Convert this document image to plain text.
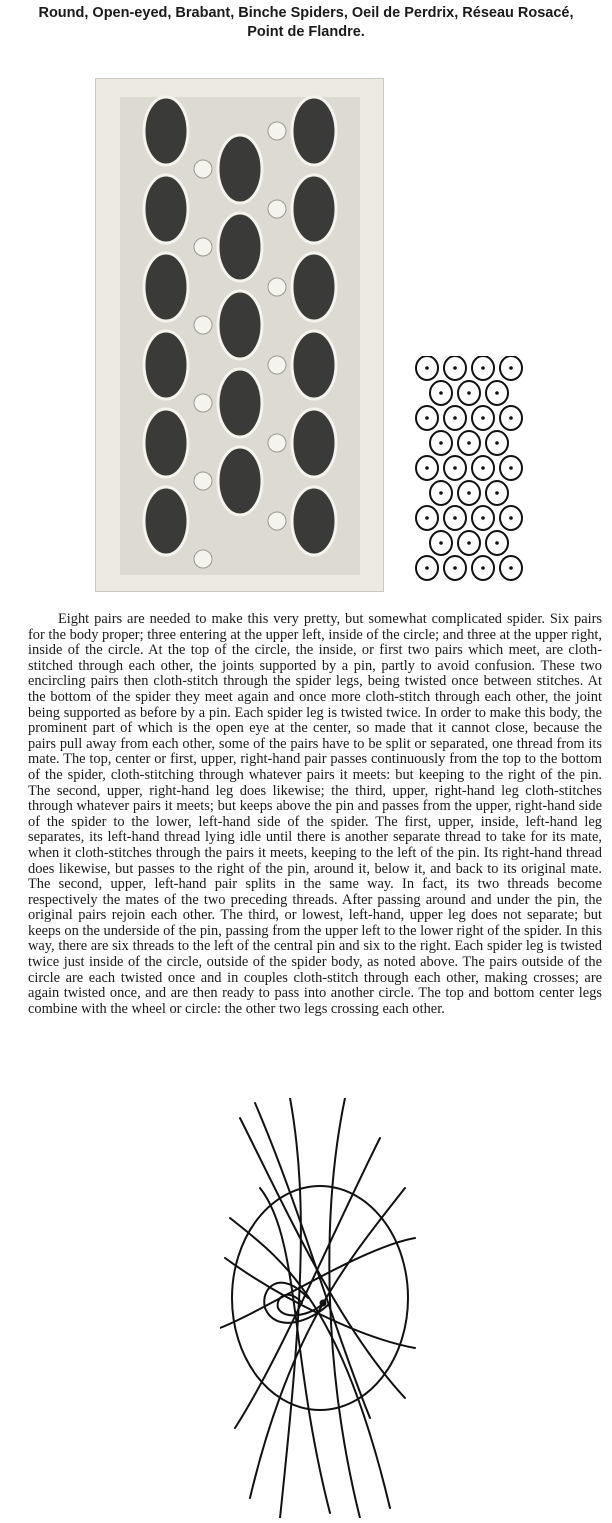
Round, Open-eyed, Brabant, Binche Spiders, Oeil de Perdrix, Réseau Rosacé,
Point de Flandre.

Eight pairs are needed to make this very pretty, but somewhat complicated spider. Six pairs for the body proper; three entering at the upper left, inside of the circle; and three at the upper right, inside of the circle. At the top of the circle, the inside, or first two pairs which meet, are cloth-stitched through each other, the joints supported by a pin, partly to avoid confusion. These two encircling pairs then cloth-stitch through the spider legs, being twisted once between stitches. At the bottom of the spider they meet again and once more cloth-stitch through each other, the joint being supported as before by a pin. Each spider leg is twisted twice. In order to make this body, the prominent part of which is the open eye at the center, so made that it cannot close, because the pairs pull away from each other, some of the pairs have to be split or separated, one thread from its mate. The top, center or first, upper, right-hand pair passes continuously from the top to the bottom of the spider, cloth-stitching through whatever pairs it meets: but keeping to the right of the pin. The second, upper, right-hand leg does likewise; the third, upper, right-hand leg cloth-stitches through whatever pairs it meets; but keeps above the pin and passes from the upper, right-hand side of the spider to the lower, left-hand side of the spider. The first, upper, inside, left-hand leg separates, its left-hand thread lying idle until there is another separate thread to take for its mate, when it cloth-stitches through the pairs it meets, keeping to the left of the pin. Its right-hand thread does likewise, but passes to the right of the pin, around it, below it, and back to its original mate. The second, upper, left-hand pair splits in the same way. In fact, its two threads become respectively the mates of the two preceding threads. After passing around and under the pin, the original pairs rejoin each other. The third, or lowest, left-hand, upper leg does not separate; but keeps on the underside of the pin, passing from the upper left to the lower right of the spider. In this way, there are six threads to the left of the central pin and six to the right. Each spider leg is twisted twice just inside of the circle, outside of the spider body, as noted above. The pairs outside of the circle are each twisted once and in couples cloth-stitch through each other, making crosses; are again twisted once, and are then ready to pass into another circle. The top and bottom center legs combine with the wheel or circle: the other two legs crossing each other.
